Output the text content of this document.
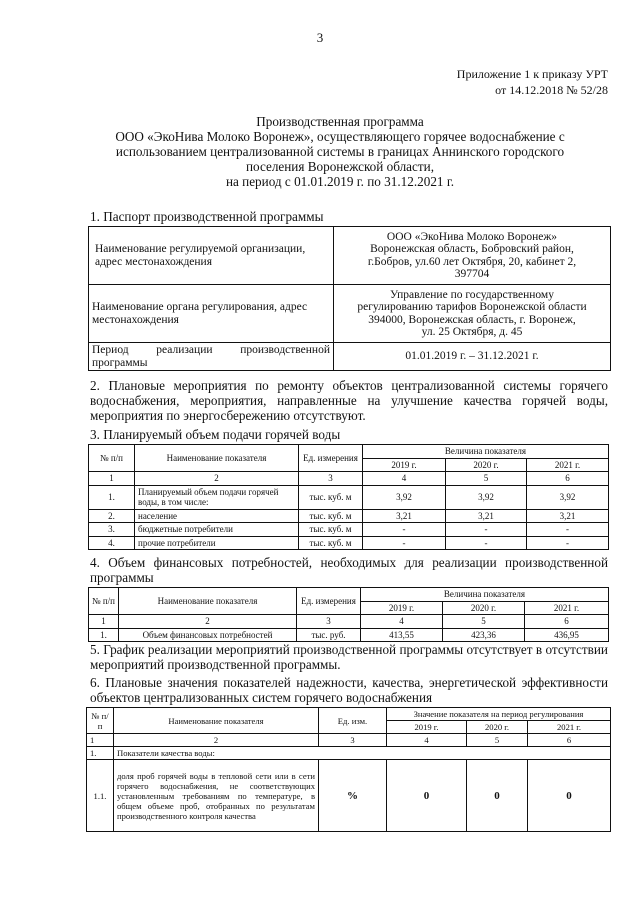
3
Приложение 1 к приказу УРТ
от 14.12.2018 № 52/28
Производственная программа
ООО «ЭкоНива Молоко Воронеж», осуществляющего горячее водоснабжение с
использованием централизованной системы в границах Аннинского городского
поселения Воронежской области,
на период с 01.01.2019 г. по 31.12.2021 г.
1. Паспорт производственной программы
Наименование регулируемой организации, адрес местонахождения	ООО «ЭкоНива Молоко Воронеж»
Воронежская область, Бобровский район,
г.Бобров, ул.60 лет Октября, 20, кабинет 2,
397704

Наименование органа регулирования, адрес местонахождения	Управление по государственному
регулированию тарифов Воронежской области
394000, Воронежская область, г. Воронеж,
ул. 25 Октября, д. 45

Период реализации производственной программы	01.01.2019 г. – 31.12.2021 г.
2. Плановые мероприятия по ремонту объектов централизованной системы горячего водоснабжения, мероприятия, направленные на улучшение качества горячей воды, мероприятия по энергосбережению отсутствуют.
3. Планируемый объем подачи горячей воды
№ п/п	Наименование показателя	Ед. измерения	Величина показателя		
			2019 г.	2020 г.	2021 г.
1	2	3	4	5	6
1.	Планируемый объем подачи горячей воды, в том числе:	тыс. куб. м	3,92	3,92	3,92
2.	население	тыс. куб. м	3,21	3,21	3,21
3.	бюджетные потребители	тыс. куб. м	-	-	-
4.	прочие потребители	тыс. куб. м	-	-	-
4. Объем финансовых потребностей, необходимых для реализации производственной программы
№ п/п	Наименование показателя	Ед. измерения	Величина показателя		
			2019 г.	2020 г.	2021 г.
1	2	3	4	5	6
1.	Объем финансовых потребностей	тыс. руб.	413,55	423,36	436,95
5. График реализации мероприятий производственной программы отсутствует в отсутствии мероприятий производственной программы.
6. Плановые значения показателей надежности, качества, энергетической эффективности объектов централизованных систем горячего водоснабжения
№ п/п	Наименование показателя	Ед. изм.	Значение показателя на период регулирования		
			2019 г.	2020 г.	2021 г.
1	2	3	4	5	6
1.	Показатели качества воды:				
1.1.	доля проб горячей воды в тепловой сети или в сети горячего водоснабжения, не соответствующих установленным требованиям по температуре, в общем объеме проб, отобранных по результатам производственного контроля качества	%	0	0	0
